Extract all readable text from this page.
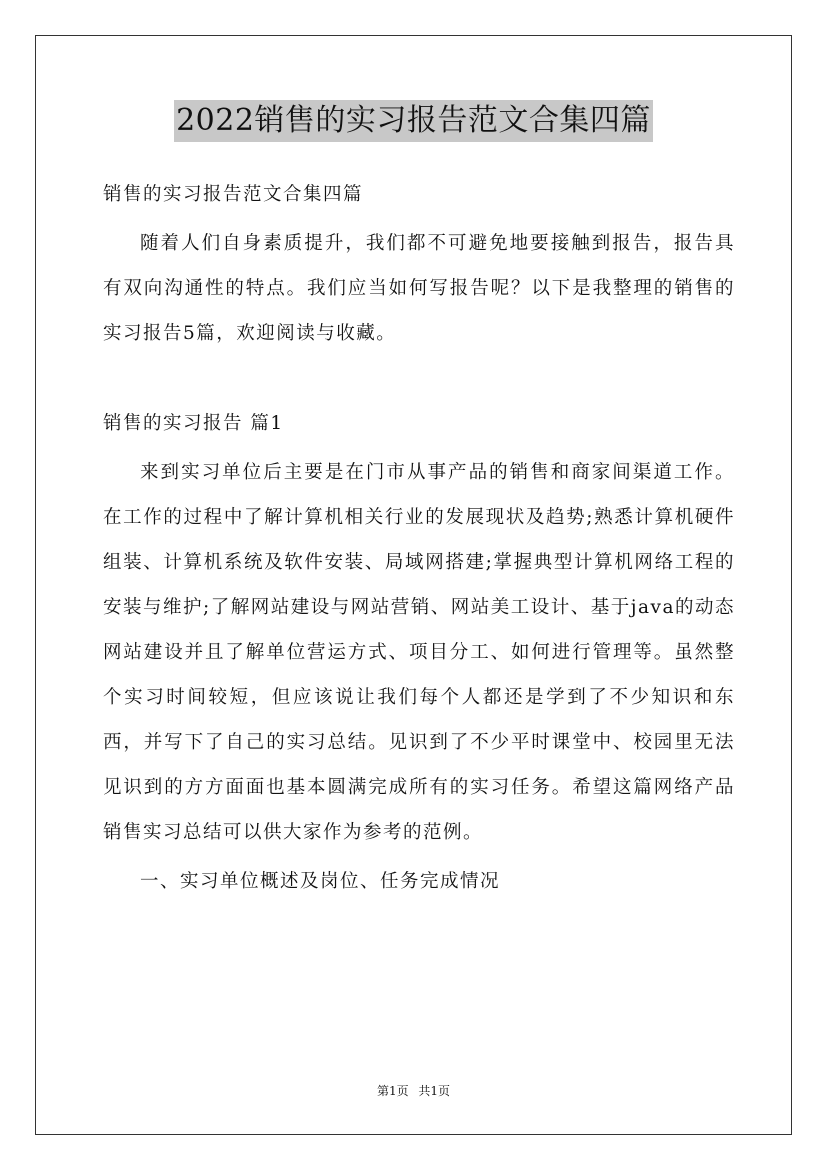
2022销售的实习报告范文合集四篇

销售的实习报告范文合集四篇

随着人们自身素质提升，我们都不可避免地要接触到报告，报告具有双向沟通性的特点。我们应当如何写报告呢？以下是我整理的销售的实习报告5篇，欢迎阅读与收藏。

销售的实习报告 篇1

来到实习单位后主要是在门市从事产品的销售和商家间渠道工作。在工作的过程中了解计算机相关行业的发展现状及趋势;熟悉计算机硬件组装、计算机系统及软件安装、局域网搭建;掌握典型计算机网络工程的安装与维护;了解网站建设与网站营销、网站美工设计、基于java的动态网站建设并且了解单位营运方式、项目分工、如何进行管理等。虽然整个实习时间较短，但应该说让我们每个人都还是学到了不少知识和东西，并写下了自己的实习总结。见识到了不少平时课堂中、校园里无法见识到的方方面面也基本圆满完成所有的实习任务。希望这篇网络产品销售实习总结可以供大家作为参考的范例。

一、实习单位概述及岗位、任务完成情况

第1页 共1页
